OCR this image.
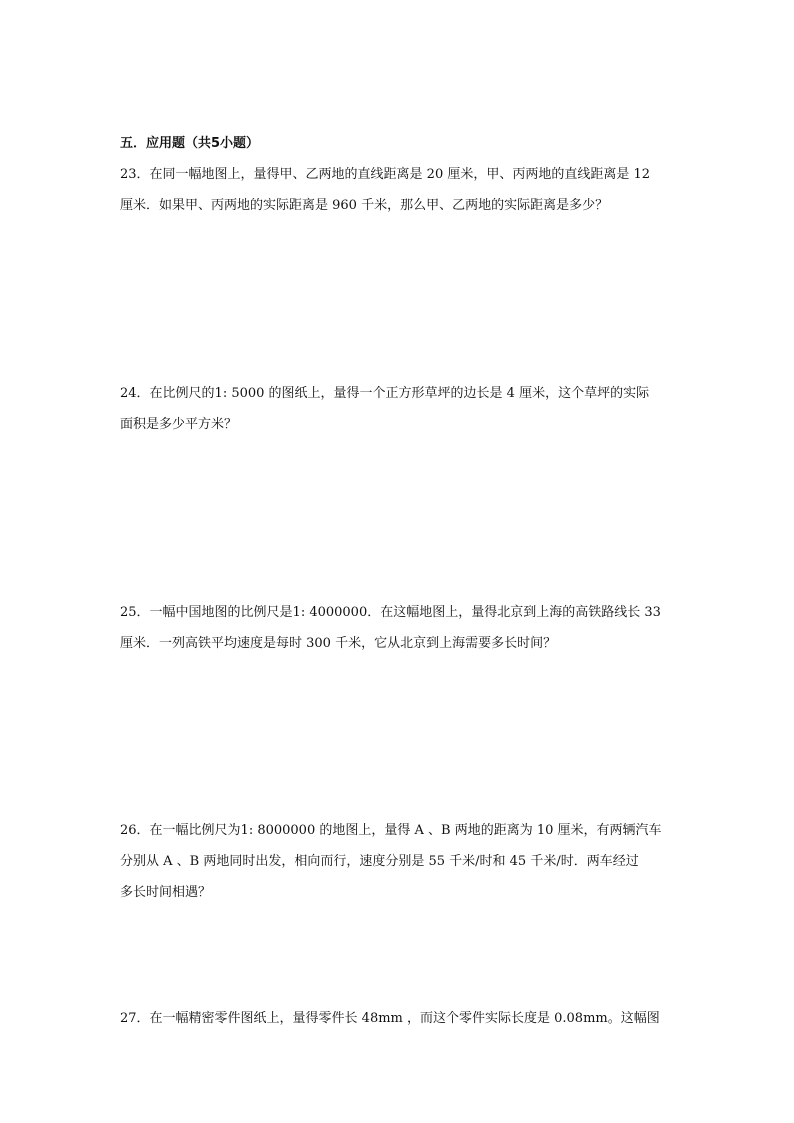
五．应用题（共5小题）
23．在同一幅地图上，量得甲、乙两地的直线距离是 20 厘米，甲、丙两地的直线距离是 12
厘米．如果甲、丙两地的实际距离是 960 千米，那么甲、乙两地的实际距离是多少？
24．在比例尺的1: 5000 的图纸上，量得一个正方形草坪的边长是 4 厘米，这个草坪的实际
面积是多少平方米？
25．一幅中国地图的比例尺是1: 4000000．在这幅地图上，量得北京到上海的高铁路线长 33
厘米．一列高铁平均速度是每时 300 千米，它从北京到上海需要多长时间？
26．在一幅比例尺为1: 8000000 的地图上，量得 A 、B 两地的距离为 10 厘米，有两辆汽车
分别从 A 、B 两地同时出发，相向而行，速度分别是 55 千米/时和 45 千米/时．两车经过
多长时间相遇？
27．在一幅精密零件图纸上，量得零件长 48mm ，而这个零件实际长度是 0.08mm。这幅图
